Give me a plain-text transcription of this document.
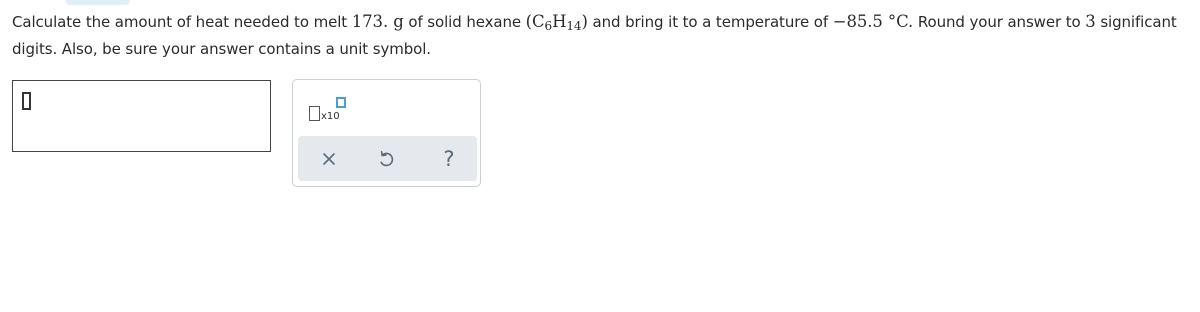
Calculate the amount of heat needed to melt 173. g of solid hexane $(C_6H_{14})$ and bring it to a temperature of −85.5 °C. Round your answer to 3 significant digits. Also, be sure your answer contains a unit symbol.
x10
?
